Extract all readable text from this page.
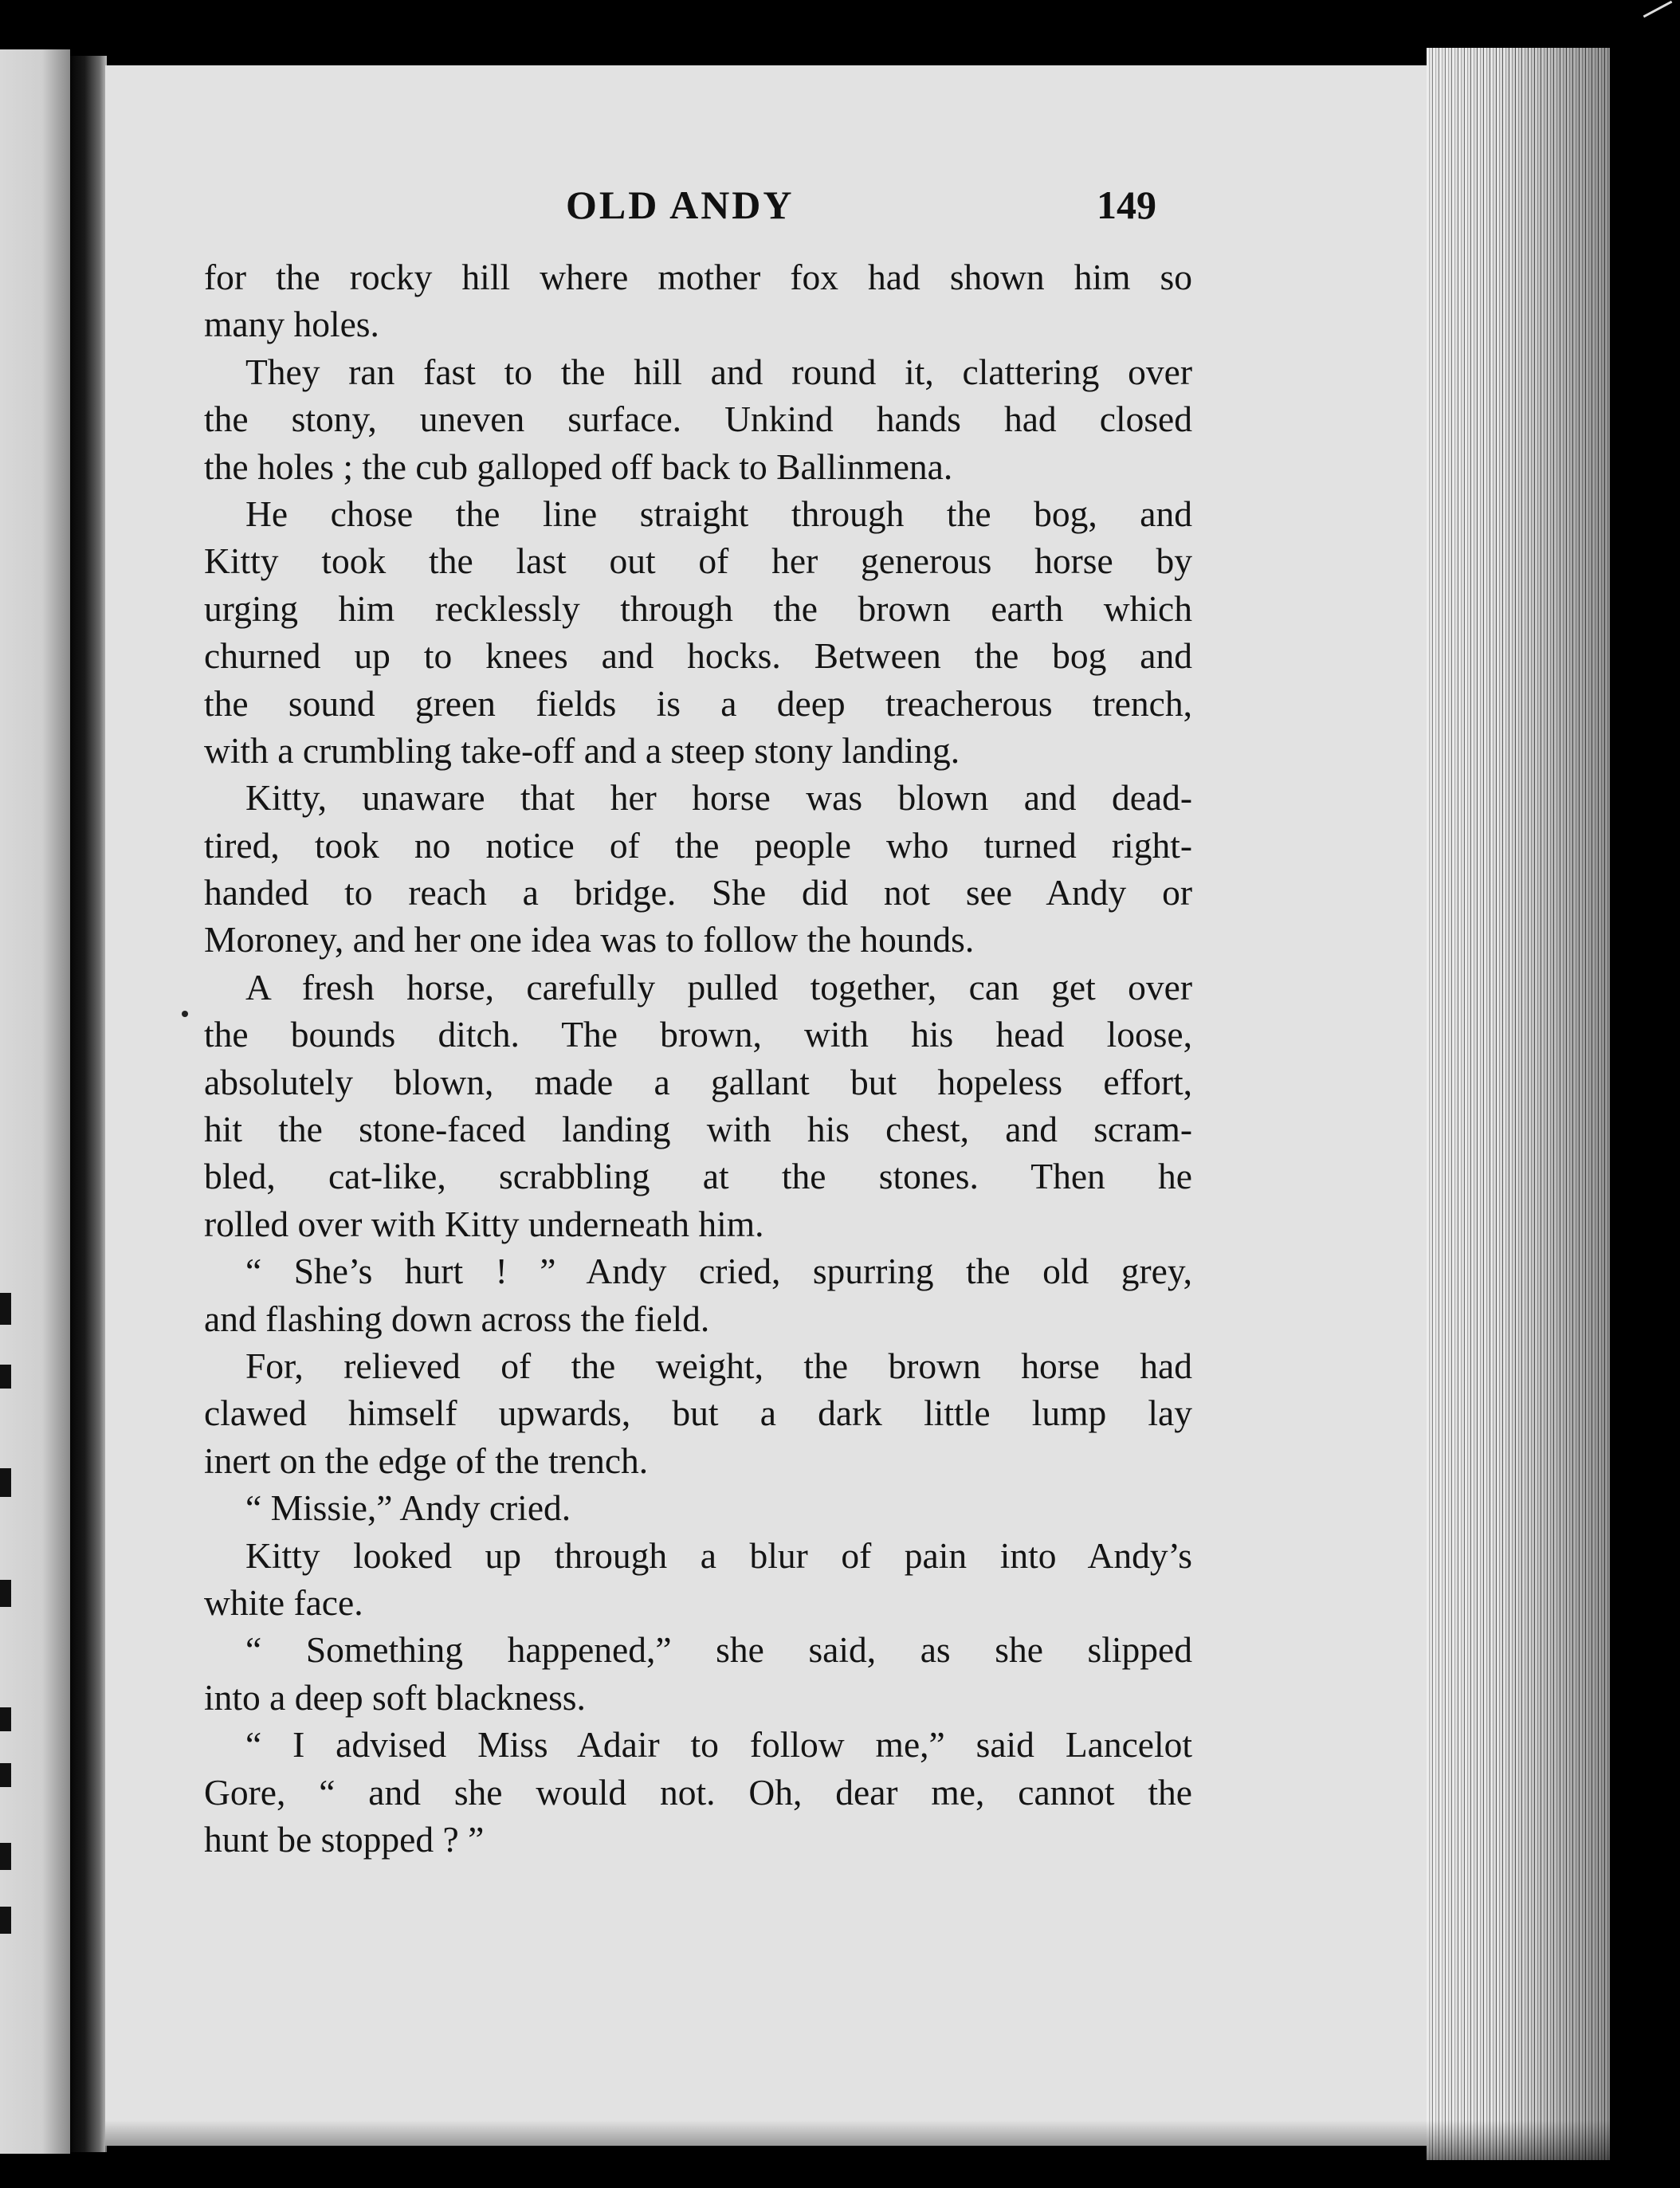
OLD ANDY	149
for the rocky hill where mother fox had shown him so
many holes.
They ran fast to the hill and round it, clattering over
the stony, uneven surface. Unkind hands had closed
the holes ; the cub galloped off back to Ballinmena.
He chose the line straight through the bog, and
Kitty took the last out of her generous horse by
urging him recklessly through the brown earth which
churned up to knees and hocks. Between the bog and
the sound green fields is a deep treacherous trench,
with a crumbling take-off and a steep stony landing.
Kitty, unaware that her horse was blown and dead-
tired, took no notice of the people who turned right-
handed to reach a bridge. She did not see Andy or
Moroney, and her one idea was to follow the hounds.
A fresh horse, carefully pulled together, can get over
the bounds ditch. The brown, with his head loose,
absolutely blown, made a gallant but hopeless effort,
hit the stone-faced landing with his chest, and scram-
bled, cat-like, scrabbling at the stones. Then he
rolled over with Kitty underneath him.
“ She’s hurt ! ” Andy cried, spurring the old grey,
and flashing down across the field.
For, relieved of the weight, the brown horse had
clawed himself upwards, but a dark little lump lay
inert on the edge of the trench.
“ Missie,” Andy cried.
Kitty looked up through a blur of pain into Andy’s
white face.
“ Something happened,” she said, as she slipped
into a deep soft blackness.
“ I advised Miss Adair to follow me,” said Lancelot
Gore, “ and she would not. Oh, dear me, cannot the
hunt be stopped ? ”
